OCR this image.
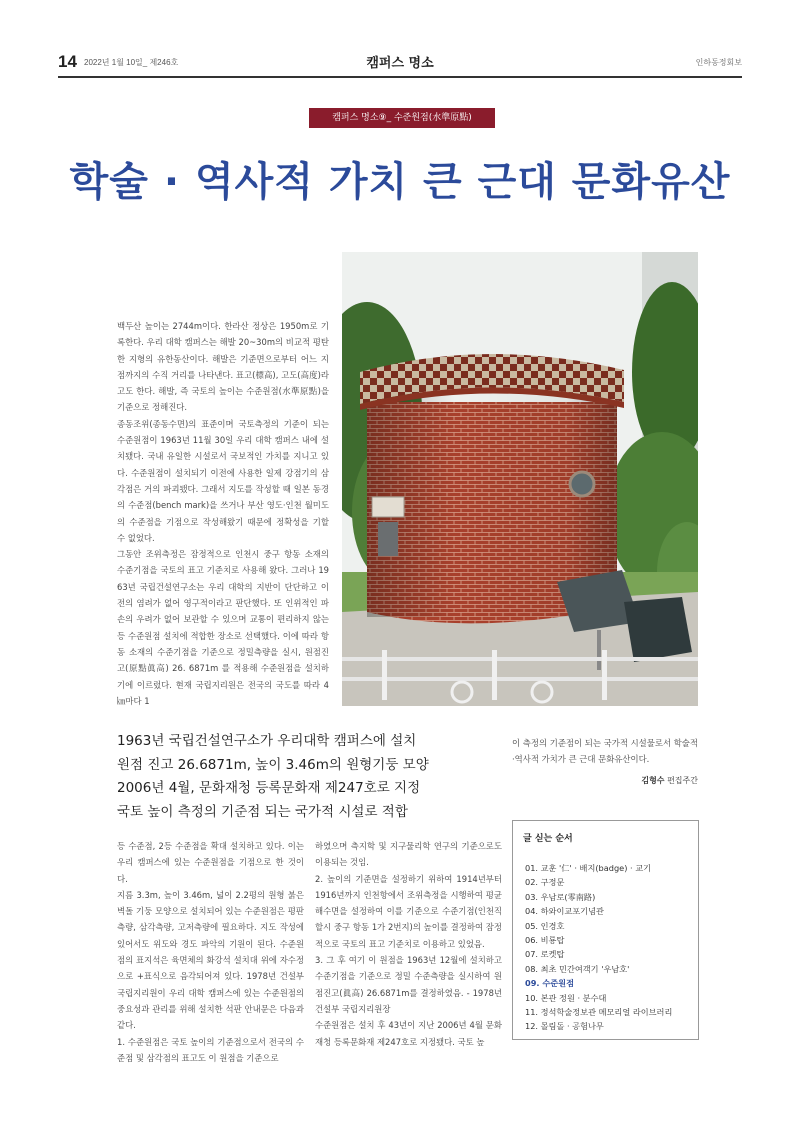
14 2022년 1월 10일_ 제246호	캠퍼스 명소	인하동정회보
캠퍼스 명소⑨_ 수준원점(水準原點)
학술 · 역사적 가치 큰 근대 문화유산

백두산 높이는 2744m이다. 한라산 정상은 1950m로 기록한다. 우리 대학 캠퍼스는 해발 20~30m의 비교적 평탄한 지형의 유한동산이다. 해발은 기준면으로부터 어느 지점까지의 수직 거리를 나타낸다. 표고(標高), 고도(高度)라고도 한다. 해발, 즉 국토의 높이는 수준원점(水準原點)을 기준으로 정해진다.

종동조위(종동수면)의 표준이며 국토측정의 기준이 되는 수준원점이 1963년 11월 30일 우리 대학 캠퍼스 내에 설치됐다. 국내 유일한 시설로서 국보적인 가치를 지니고 있다. 수준원점이 설치되기 이전에 사용한 일제 강점기의 삼각점은 거의 파괴됐다. 그래서 지도를 작성할 때 일본 동경의 수준점(bench mark)을 쓰거나 부산 영도·인천 월미도의 수준점을 기점으로 작성해왔기 때문에 정확성을 기할 수 없었다.

그동안 조위측정은 잠정적으로 인천시 중구 항동 소재의 수준기점을 국토의 표고 기준치로 사용해 왔다. 그러나 1963년 국립건설연구소는 우리 대학의 지반이 단단하고 이전의 염려가 없어 영구적이라고 판단했다. 또 인위적인 파손의 우려가 없어 보관할 수 있으며 교통이 편리하지 않는 등 수준원점 설치에 적합한 장소로 선택했다. 이에 따라 항동 소재의 수준기점을 기준으로 정밀측량을 실시, 원점진고(原點眞高) 26. 6871m 를 적용해 수준원점을 설치하기에 이르렀다. 현재 국립지리원은 전국의 국도를 따라 4㎞마다 1

1963년 국립건설연구소가 우리대학 캠퍼스에 설치
원점 진고 26.6871m, 높이 3.46m의 원형기둥 모양
2006년 4월, 문화재청 등록문화재 제247호로 지정
국토 높이 측정의 기준점 되는 국가적 시설로 적합

이 측정의 기준점이 되는 국가적 시설물로서 학술적·역사적 가치가 큰 근대 문화유산이다.

김형수 편집주간

등 수준점, 2등 수준점을 확대 설치하고 있다. 이는 우리 캠퍼스에 있는 수준원점을 기점으로 한 것이다.

지름 3.3m, 높이 3.46m, 넓이 2.2평의 원형 붉은 벽돌 기둥 모양으로 설치되어 있는 수준원점은 평판측량, 삼각측량, 고저측량에 필요하다. 지도 작성에 있어서도 위도와 경도 파악의 기원이 된다. 수준원점의 표지석은 육면체의 화강석 설치대 위에 자수정으로 +표식으로 음각되어져 있다. 1978년 건설부 국립지리원이 우리 대학 캠퍼스에 있는 수준원점의 중요성과 관리를 위해 설치한 석판 안내문은 다음과 같다.

1. 수준원점은 국토 높이의 기준점으로서 전국의 수준점 및 삼각점의 표고도 이 원점을 기준으로

하였으며 측지학 및 지구물리학 연구의 기준으로도 이용되는 것임.

2. 높이의 기준면을 설정하기 위하여 1914년부터 1916년까지 인천항에서 조위측정을 시행하여 평균 해수면을 설정하여 이를 기준으로 수준기점(인천직할시 중구 항동 1가 2번지)의 높이를 결정하여 잠정적으로 국토의 표고 기준치로 이용하고 있었음.

3. 그 후 여기 이 원점을 1963년 12월에 설치하고 수준기점을 기준으로 정밀 수준측량을 실시하여 원점진고(眞高) 26.6871m를 결정하였음. - 1978년 건설부 국립지리원장

수준원점은 설치 후 43년이 지난 2006년 4월 문화재청 등록문화재 제247호로 지정됐다. 국토 높

글 싣는 순서
01. 교훈 '仁' · 배지(badge) · 교기
02. 구정문
03. 우남로(零南路)
04. 하와이교포기념관
05. 인경호
06. 비룡탑
07. 로켓탑
08. 최초 민간여객기 '우남호'
09. 수준원점
10. 본관 정원 · 분수대
11. 정석학술정보관 메모리얼 라이브러리
12. 몰림돌 · 공험나무
